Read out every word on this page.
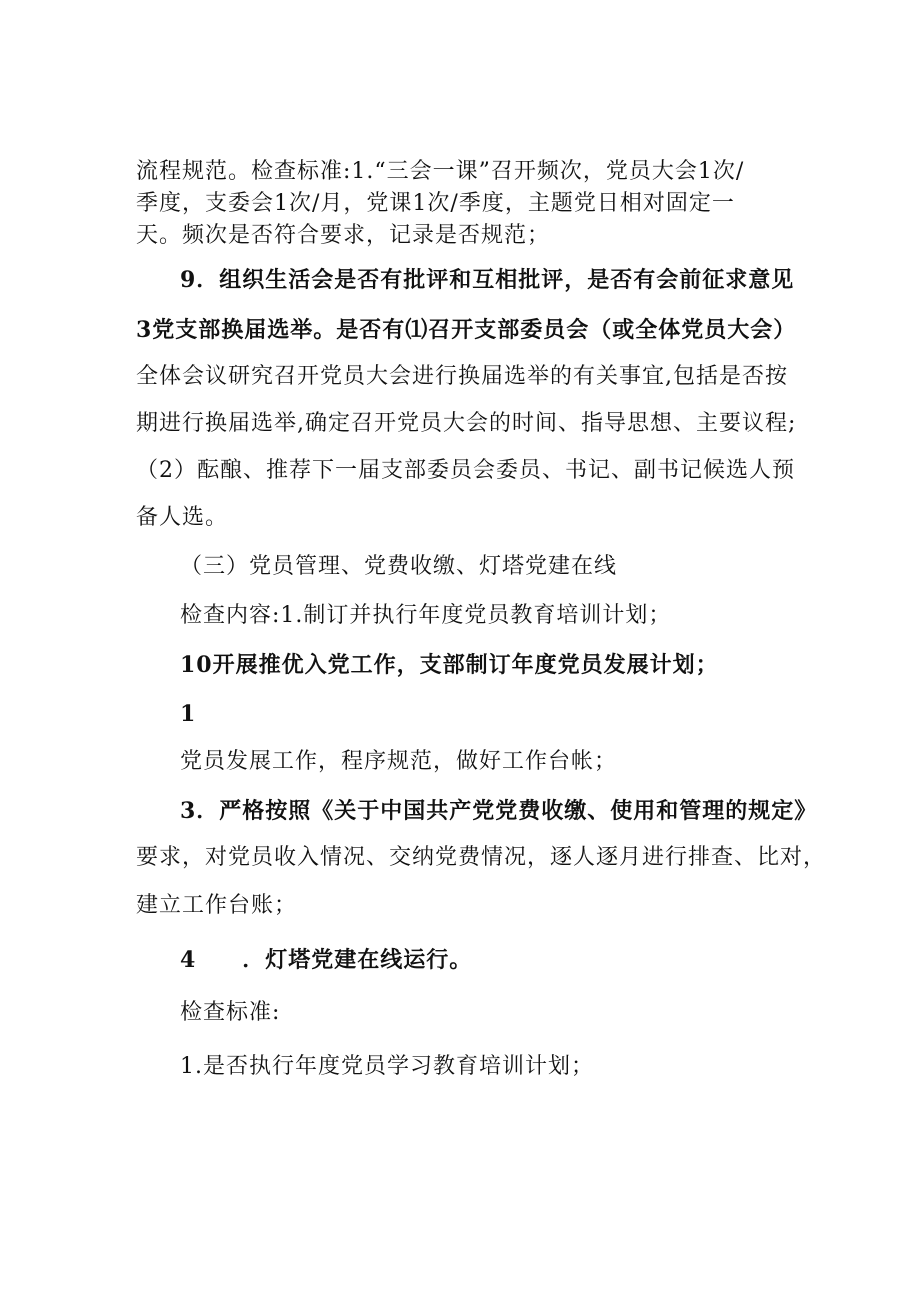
流程规范。检查标准:1.“三会一课”召开频次，党员大会1次/
季度，支委会1次/月，党课1次/季度，主题党日相对固定一
天。频次是否符合要求，记录是否规范；
9．组织生活会是否有批评和互相批评，是否有会前征求意见
3党支部换届选举。是否有⑴召开支部委员会（或全体党员大会）
全体会议研究召开党员大会进行换届选举的有关事宜,包括是否按
期进行换届选举,确定召开党员大会的时间、指导思想、主要议程;
（2）酝酿、推荐下一届支部委员会委员、书记、副书记候选人预
备人选。
（三）党员管理、党费收缴、灯塔党建在线
检查内容:1.制订并执行年度党员教育培训计划；
10开展推优入党工作，支部制订年度党员发展计划；
1
党员发展工作，程序规范，做好工作台帐；
3．严格按照《关于中国共产党党费收缴、使用和管理的规定》
要求，对党员收入情况、交纳党费情况，逐人逐月进行排查、比对，
建立工作台账；
4　　．灯塔党建在线运行。
检查标准:
1.是否执行年度党员学习教育培训计划；
